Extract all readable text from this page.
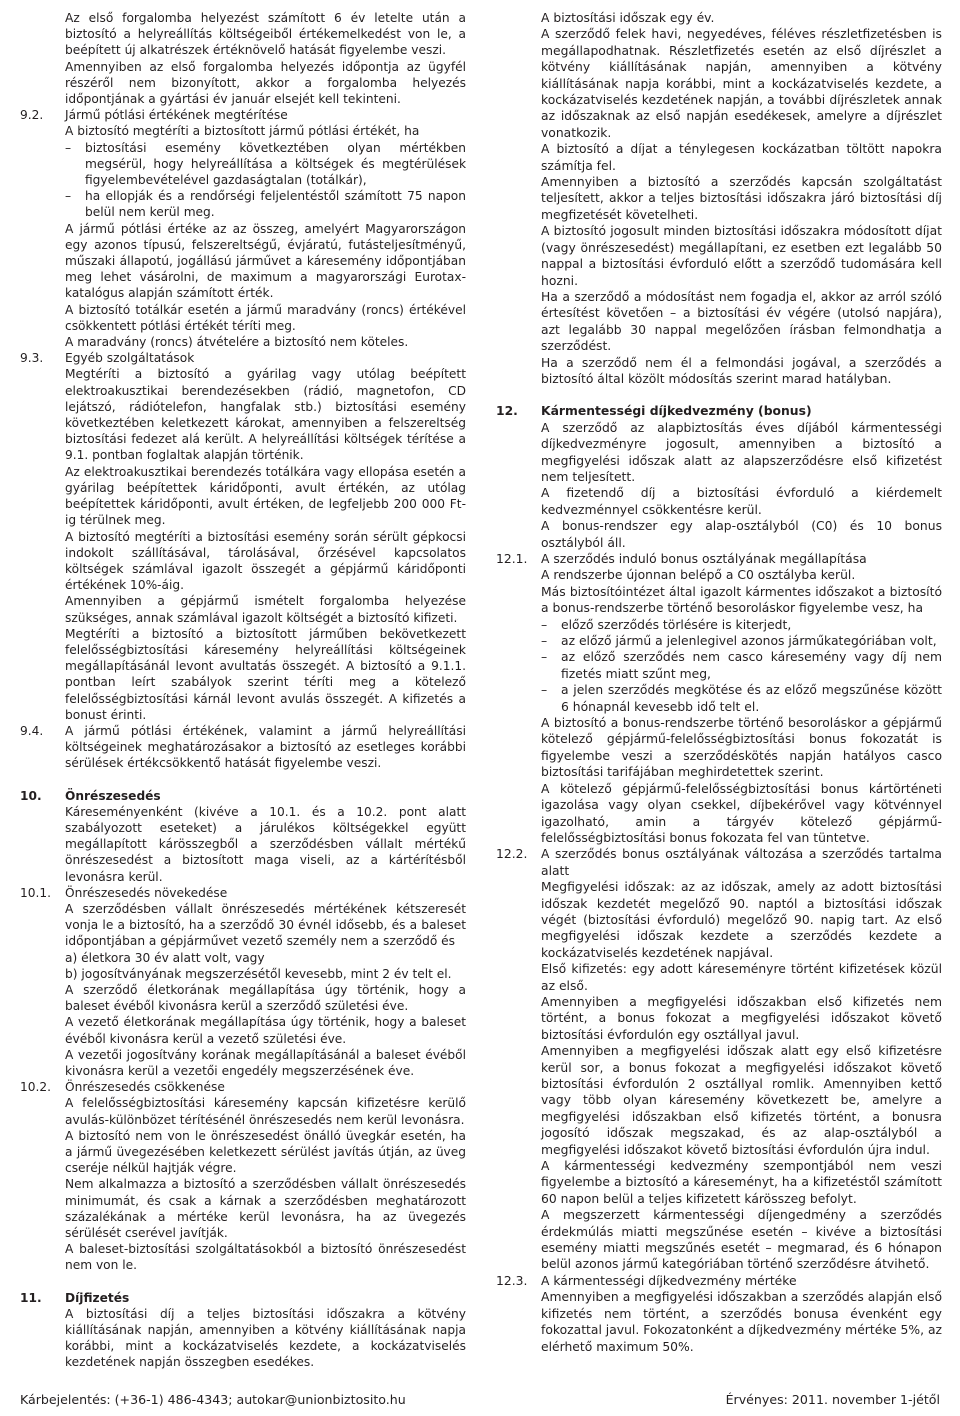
Az első forgalomba helyezést számított 6 év letelte után a biztosító a helyreállítás költségeiből értékemelkedést von le, a beépített új alkatrészek értéknövelő hatását figyelembe veszi.
Amennyiben az első forgalomba helyezés időpontja az ügyfél részéről nem bizonyított, akkor a forgalomba helyezés időpontjának a gyártási év január elsejét kell tekinteni.
9.2. Jármű pótlási értékének megtérítése
A biztosító megtéríti a biztosított jármű pótlási értékét, ha
– biztosítási esemény következtében olyan mértékben megsérül, hogy helyreállítása a költségek és megtérülések figyelembevételével gazdaságtalan (totálkár),
– ha ellopják és a rendőrségi feljelentéstől számított 75 napon belül nem kerül meg.
A jármű pótlási értéke az az összeg, amelyért Magyarországon egy azonos típusú, felszereltségű, évjáratú, futásteljesítményű, műszaki állapotú, jogállású járművet a káresemény időpontjában meg lehet vásárolni, de maximum a magyarországi Eurotax-katalógus alapján számított érték.
A biztosító totálkár esetén a jármű maradvány (roncs) értékével csökkentett pótlási értékét téríti meg.
A maradvány (roncs) átvételére a biztosító nem köteles.
9.3. Egyéb szolgáltatások
Megtéríti a biztosító a gyárilag vagy utólag beépített elektroakusztikai berendezésekben (rádió, magnetofon, CD lejátszó, rádiótelefon, hangfalak stb.) biztosítási esemény következtében keletkezett károkat, amennyiben a felszereltség biztosítási fedezet alá került. A helyreállítási költségek térítése a 9.1. pontban foglaltak alapján történik.
Az elektroakusztikai berendezés totálkára vagy ellopása esetén a gyárilag beépítettek káridőponti, avult értékén, az utólag beépítettek káridőponti, avult értéken, de legfeljebb 200 000 Ft-ig térülnek meg.
A biztosító megtéríti a biztosítási esemény során sérült gépkocsi indokolt szállításával, tárolásával, őrzésével kapcsolatos költségek számlával igazolt összegét a gépjármű káridőponti értékének 10%-áig.
Amennyiben a gépjármű ismételt forgalomba helyezése szükséges, annak számlával igazolt költségét a biztosító kifizeti.
Megtéríti a biztosító a biztosított járműben bekövetkezett felelősségbiztosítási káresemény helyreállítási költségeinek megállapításánál levont avultatás összegét. A biztosító a 9.1.1. pontban leírt szabályok szerint téríti meg a kötelező felelősségbiztosítási kárnál levont avulás összegét. A kifizetés a bonust érinti.
9.4. A jármű pótlási értékének, valamint a jármű helyreállítási költségeinek meghatározásakor a biztosító az esetleges korábbi sérülések értékcsökkentő hatását figyelembe veszi.
10. Önrészesedés
Káreseményenként (kivéve a 10.1. és a 10.2. pont alatt szabályozott eseteket) a járulékos költségekkel együtt megállapított kárösszegből a szerződésben vállalt mértékű önrészesedést a biztosított maga viseli, az a kártérítésből levonásra kerül.
10.1. Önrészesedés növekedése
A szerződésben vállalt önrészesedés mértékének kétszeresét vonja le a biztosító, ha a szerződő 30 évnél idősebb, és a baleset időpontjában a gépjárművet vezető személy nem a szerződő és
a) életkora 30 év alatt volt, vagy
b) jogosítványának megszerzésétől kevesebb, mint 2 év telt el.
A szerződő életkorának megállapítása úgy történik, hogy a baleset évéből kivonásra kerül a szerződő születési éve.
A vezető életkorának megállapítása úgy történik, hogy a baleset évéből kivonásra kerül a vezető születési éve.
A vezetői jogosítvány korának megállapításánál a baleset évéből kivonásra kerül a vezetői engedély megszerzésének éve.
10.2. Önrészesedés csökkenése
A felelősségbiztosítási káresemény kapcsán kifizetésre kerülő avulás-különbözet térítésénél önrészesedés nem kerül levonásra.
A biztosító nem von le önrészesedést önálló üvegkár esetén, ha a jármű üvegezésében keletkezett sérülést javítás útján, az üveg cseréje nélkül hajtják végre.
Nem alkalmazza a biztosító a szerződésben vállalt önrészesedés minimumát, és csak a kárnak a szerződésben meghatározott százalékának a mértéke kerül levonásra, ha az üvegezés sérülését cserével javítják.
A baleset-biztosítási szolgáltatásokból a biztosító önrészesedést nem von le.
11. Díjfizetés
A biztosítási díj a teljes biztosítási időszakra a kötvény kiállításának napján, amennyiben a kötvény kiállításának napja korábbi, mint a kockázatviselés kezdete, a kockázatviselés kezdetének napján összegben esedékes.
A biztosítási időszak egy év.
A szerződő felek havi, negyedéves, féléves részletfizetésben is megállapodhatnak. Részletfizetés esetén az első díjrészlet a kötvény kiállításának napján, amennyiben a kötvény kiállításának napja korábbi, mint a kockázatviselés kezdete, a kockázatviselés kezdetének napján, a további díjrészletek annak az időszaknak az első napján esedékesek, amelyre a díjrészlet vonatkozik.
A biztosító a díjat a ténylegesen kockázatban töltött napokra számítja fel.
Amennyiben a biztosító a szerződés kapcsán szolgáltatást teljesített, akkor a teljes biztosítási időszakra járó biztosítási díj megfizetését követelheti.
A biztosító jogosult minden biztosítási időszakra módosított díjat (vagy önrészesedést) megállapítani, ez esetben ezt legalább 50 nappal a biztosítási évforduló előtt a szerződő tudomására kell hozni.
Ha a szerződő a módosítást nem fogadja el, akkor az arról szóló értesítést követően – a biztosítási év végére (utolsó napjára), azt legalább 30 nappal megelőzően írásban felmondhatja a szerződést.
Ha a szerződő nem él a felmondási jogával, a szerződés a biztosító által közölt módosítás szerint marad hatályban.
12. Kármentességi díjkedvezmény (bonus)
A szerződő az alapbiztosítás éves díjából kármentességi díjkedvezményre jogosult, amennyiben a biztosító a megfigyelési időszak alatt az alapszerződésre első kifizetést nem teljesített.
A fizetendő díj a biztosítási évforduló a kiérdemelt kedvezménnyel csökkentésre kerül.
A bonus-rendszer egy alap-osztályból (C0) és 10 bonus osztályból áll.
12.1. A szerződés induló bonus osztályának megállapítása
A rendszerbe újonnan belépő a C0 osztályba kerül.
Más biztosítóintézet által igazolt kármentes időszakot a biztosító a bonus-rendszerbe történő besoroláskor figyelembe vesz, ha
– előző szerződés törlésére is kiterjedt,
– az előző jármű a jelenlegivel azonos járműkategóriában volt,
– az előző szerződés nem casco káresemény vagy díj nem fizetés miatt szűnt meg,
– a jelen szerződés megkötése és az előző megszűnése között 6 hónapnál kevesebb idő telt el.
A biztosító a bonus-rendszerbe történő besoroláskor a gépjármű kötelező gépjármű-felelősségbiztosítási bonus fokozatát is figyelembe veszi a szerződéskötés napján hatályos casco biztosítási tarifájában meghirdetettek szerint.
A kötelező gépjármű-felelősségbiztosítási bonus kártörténeti igazolása vagy olyan csekkel, díjbekérővel vagy kötvénnyel igazolható, amin a tárgyév kötelező gépjármű-felelősségbiztosítási bonus fokozata fel van tüntetve.
12.2. A szerződés bonus osztályának változása a szerződés tartalma alatt
Megfigyelési időszak: az az időszak, amely az adott biztosítási időszak kezdetét megelőző 90. naptól a biztosítási időszak végét (biztosítási évforduló) megelőző 90. napig tart. Az első megfigyelési időszak kezdete a szerződés kezdete a kockázatviselés kezdetének napjával.
Első kifizetés: egy adott káreseményre történt kifizetések közül az első.
Amennyiben a megfigyelési időszakban első kifizetés nem történt, a bonus fokozat a megfigyelési időszakot követő biztosítási évfordulón egy osztállyal javul.
Amennyiben a megfigyelési időszak alatt egy első kifizetésre kerül sor, a bonus fokozat a megfigyelési időszakot követő biztosítási évfordulón 2 osztállyal romlik. Amennyiben kettő vagy több olyan káresemény következett be, amelyre a megfigyelési időszakban első kifizetés történt, a bonusra jogosító időszak megszakad, és az alap-osztályból a megfigyelési időszakot követő biztosítási évfordulón újra indul.
A kármentességi kedvezmény szempontjából nem veszi figyelembe a biztosító a káreseményt, ha a kifizetéstől számított 60 napon belül a teljes kifizetett kárösszeg befolyt.
A megszerzett kármentességi díjengedmény a szerződés érdekmúlás miatti megszűnése esetén – kivéve a biztosítási esemény miatti megszűnés esetét – megmarad, és 6 hónapon belül azonos jármű kategóriában történő szerződésre átvihető.
12.3. A kármentességi díjkedvezmény mértéke
Amennyiben a megfigyelési időszakban a szerződés alapján első kifizetés nem történt, a szerződés bonusa évenként egy fokozattal javul. Fokozatonként a díjkedvezmény mértéke 5%, az elérhető maximum 50%.
Kárbejelentés: (+36-1) 486-4343; autokar@unionbiztosito.hu	Érvényes: 2011. november 1-jétől
